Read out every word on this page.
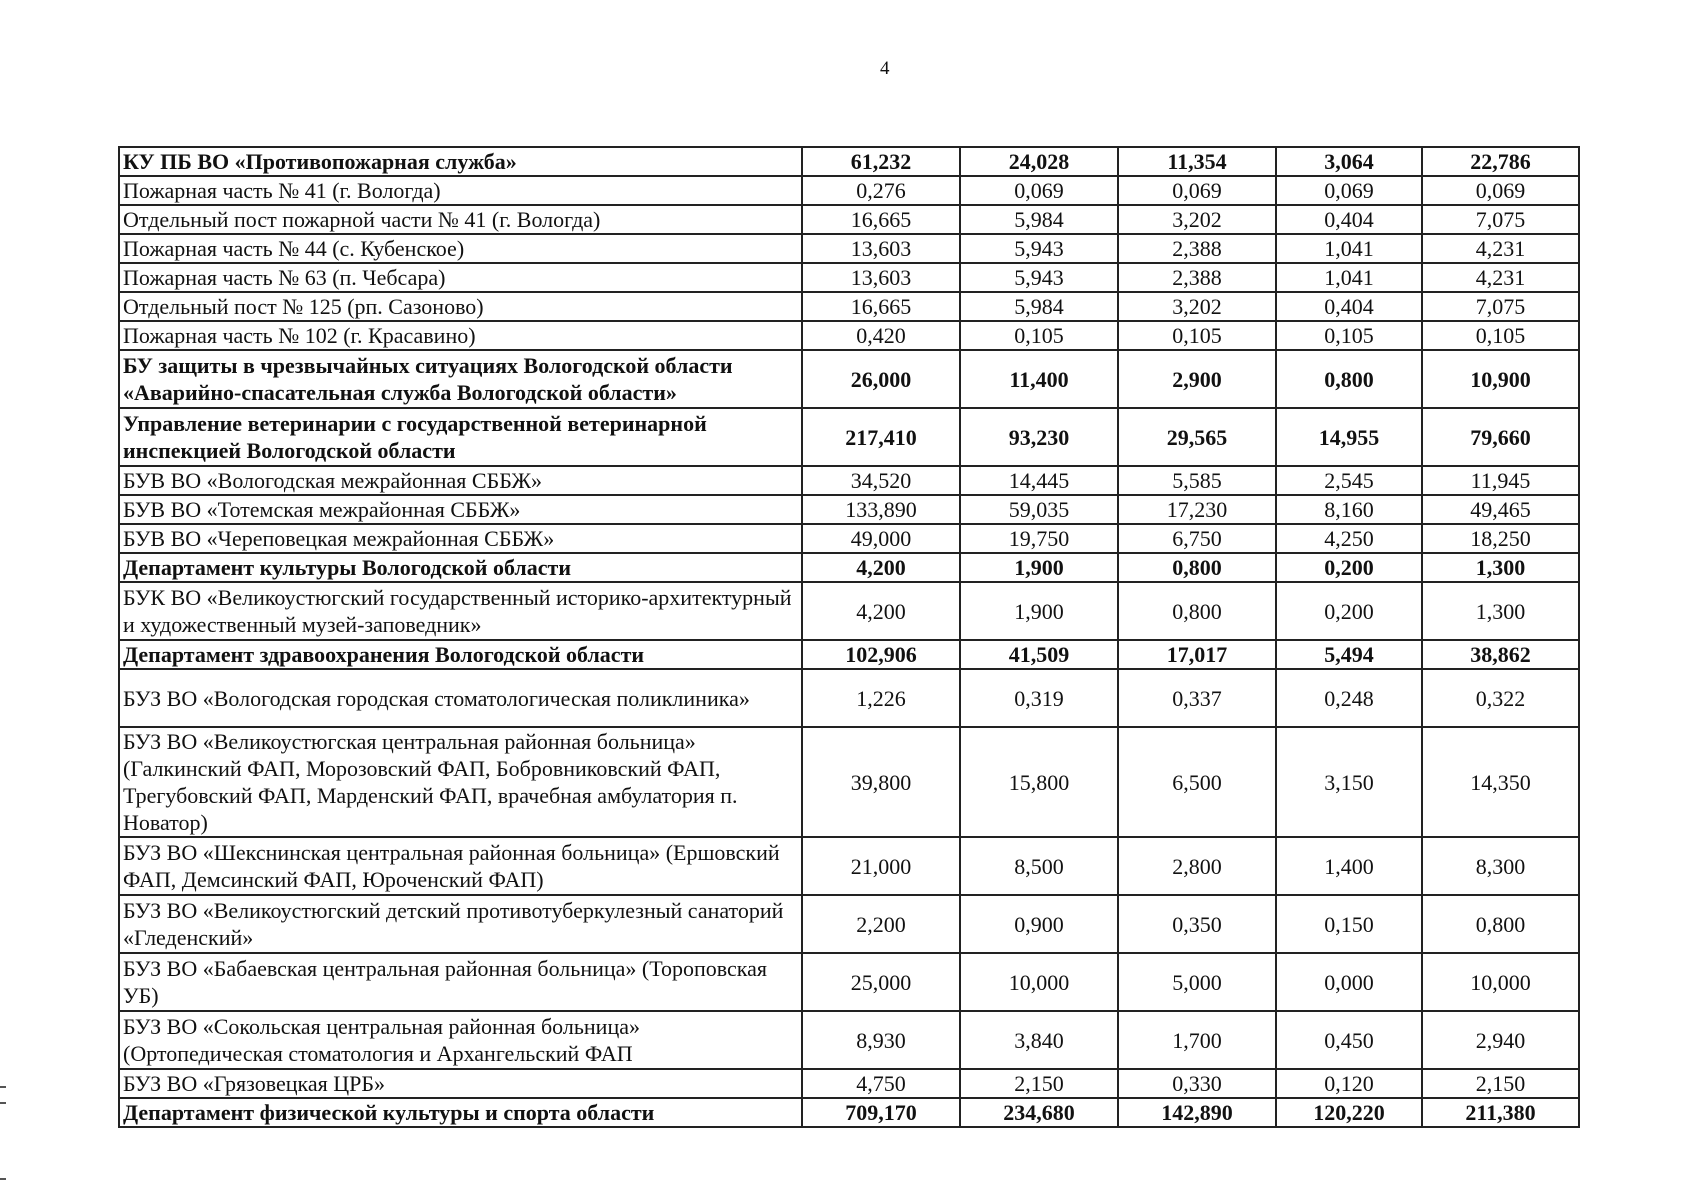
4
КУ ПБ ВО «Противопожарная служба»	61,232	24,028	11,354	3,064	22,786
Пожарная часть № 41 (г. Вологда)	0,276	0,069	0,069	0,069	0,069
Отдельный пост пожарной части № 41 (г. Вологда)	16,665	5,984	3,202	0,404	7,075
Пожарная часть № 44 (с. Кубенское)	13,603	5,943	2,388	1,041	4,231
Пожарная часть № 63 (п. Чебсара)	13,603	5,943	2,388	1,041	4,231
Отдельный пост № 125 (рп. Сазоново)	16,665	5,984	3,202	0,404	7,075
Пожарная часть № 102 (г. Красавино)	0,420	0,105	0,105	0,105	0,105
БУ защиты в чрезвычайных ситуациях Вологодской области «Аварийно-спасательная служба Вологодской области»	26,000	11,400	2,900	0,800	10,900
Управление ветеринарии с государственной ветеринарной инспекцией Вологодской области	217,410	93,230	29,565	14,955	79,660
БУВ ВО «Вологодская межрайонная СББЖ»	34,520	14,445	5,585	2,545	11,945
БУВ ВО «Тотемская межрайонная СББЖ»	133,890	59,035	17,230	8,160	49,465
БУВ ВО «Череповецкая межрайонная СББЖ»	49,000	19,750	6,750	4,250	18,250
Департамент культуры Вологодской области	4,200	1,900	0,800	0,200	1,300
БУК ВО «Великоустюгский государственный историко-архитектурный и художественный музей-заповедник»	4,200	1,900	0,800	0,200	1,300
Департамент здравоохранения Вологодской области	102,906	41,509	17,017	5,494	38,862
БУЗ ВО «Вологодская городская стоматологическая поликлиника»	1,226	0,319	0,337	0,248	0,322
БУЗ ВО «Великоустюгская центральная районная больница» (Галкинский ФАП, Морозовский ФАП, Бобровниковский ФАП, Трегубовский ФАП, Марденский ФАП, врачебная амбулатория п. Новатор)	39,800	15,800	6,500	3,150	14,350
БУЗ ВО «Шекснинская центральная районная больница» (Ершовский ФАП, Демсинский ФАП, Юроченский ФАП)	21,000	8,500	2,800	1,400	8,300
БУЗ ВО «Великоустюгский детский противотуберкулезный санаторий «Гледенский»	2,200	0,900	0,350	0,150	0,800
БУЗ ВО «Бабаевская центральная районная больница» (Тороповская УБ)	25,000	10,000	5,000	0,000	10,000
БУЗ ВО «Сокольская центральная районная больница» (Ортопедическая стоматология и Архангельский ФАП	8,930	3,840	1,700	0,450	2,940
БУЗ ВО «Грязовецкая ЦРБ»	4,750	2,150	0,330	0,120	2,150
Департамент физической культуры и спорта области	709,170	234,680	142,890	120,220	211,380
